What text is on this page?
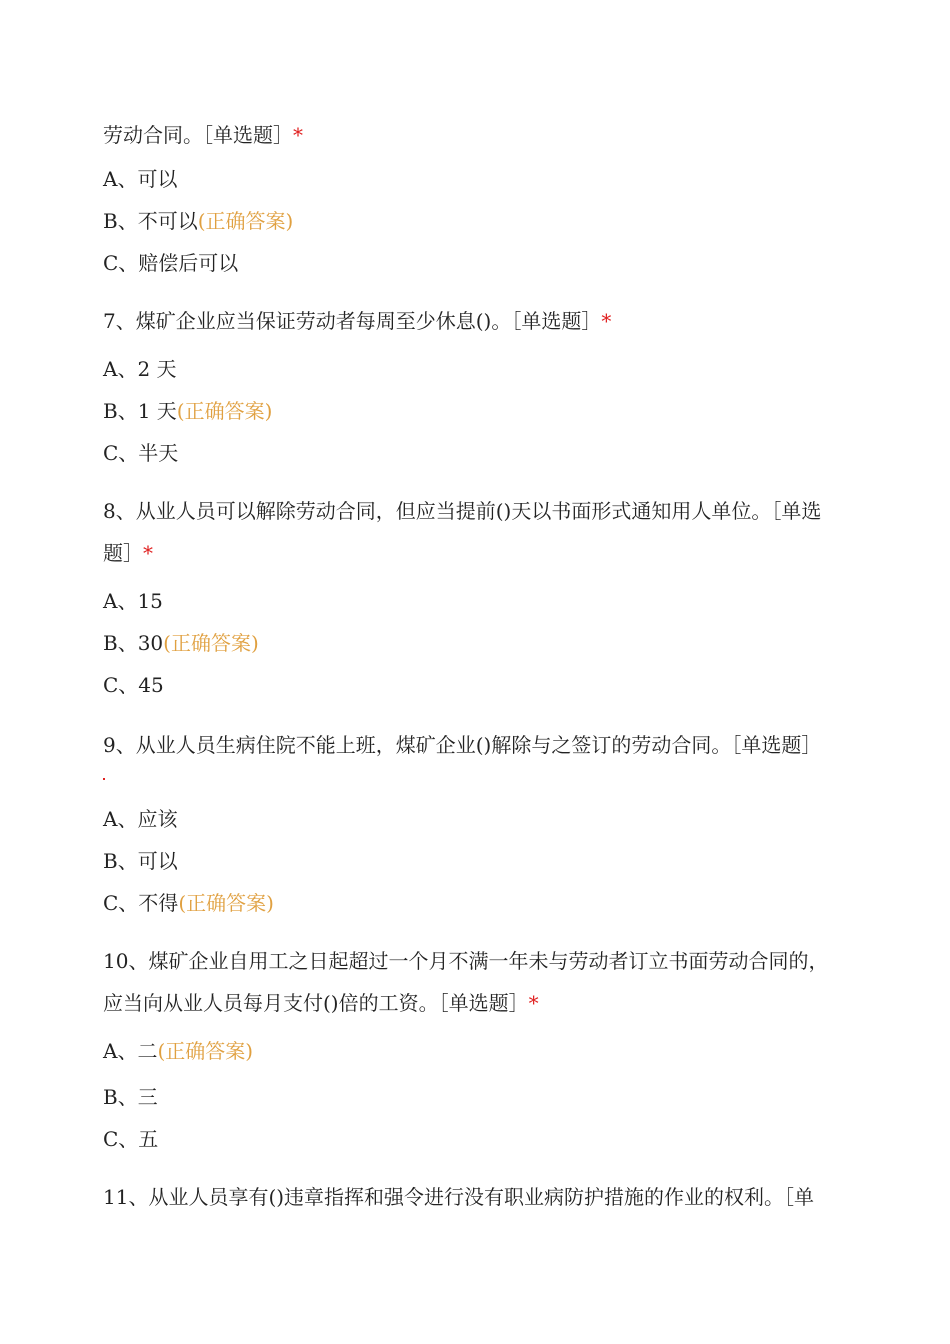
劳动合同。［单选题］*
A、可以
B、不可以(正确答案)
C、赔偿后可以
7、煤矿企业应当保证劳动者每周至少休息()。［单选题］*
A、2 天
B、1 天(正确答案)
C、半天
8、从业人员可以解除劳动合同，但应当提前()天以书面形式通知用人单位。［单选
题］*
A、15
B、30(正确答案)
C、45
9、从业人员生病住院不能上班，煤矿企业()解除与之签订的劳动合同。［单选题］
A、应该
B、可以
C、不得(正确答案)
10、煤矿企业自用工之日起超过一个月不满一年未与劳动者订立书面劳动合同的，
应当向从业人员每月支付()倍的工资。［单选题］*
A、二(正确答案)
B、三
C、五
11、从业人员享有()违章指挥和强令进行没有职业病防护措施的作业的权利。［单
